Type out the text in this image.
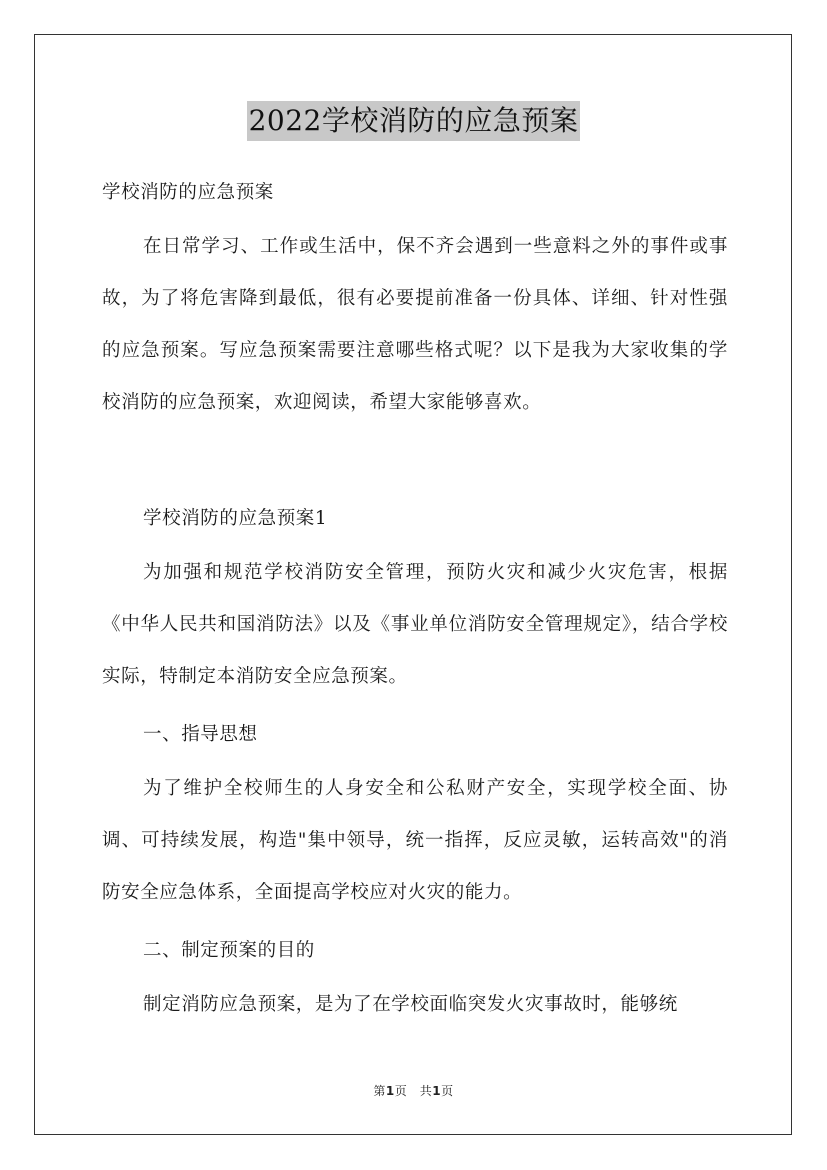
2022学校消防的应急预案

学校消防的应急预案

在日常学习、工作或生活中，保不齐会遇到一些意料之外的事件或事故，为了将危害降到最低，很有必要提前准备一份具体、详细、针对性强的应急预案。写应急预案需要注意哪些格式呢？以下是我为大家收集的学校消防的应急预案，欢迎阅读，希望大家能够喜欢。

学校消防的应急预案1

为加强和规范学校消防安全管理，预防火灾和减少火灾危害，根据《中华人民共和国消防法》以及《事业单位消防安全管理规定》，结合学校实际，特制定本消防安全应急预案。

一、指导思想

为了维护全校师生的人身安全和公私财产安全，实现学校全面、协调、可持续发展，构造"集中领导，统一指挥，反应灵敏，运转高效"的消防安全应急体系，全面提高学校应对火灾的能力。

二、制定预案的目的

制定消防应急预案，是为了在学校面临突发火灾事故时，能够统

第1页　共1页
